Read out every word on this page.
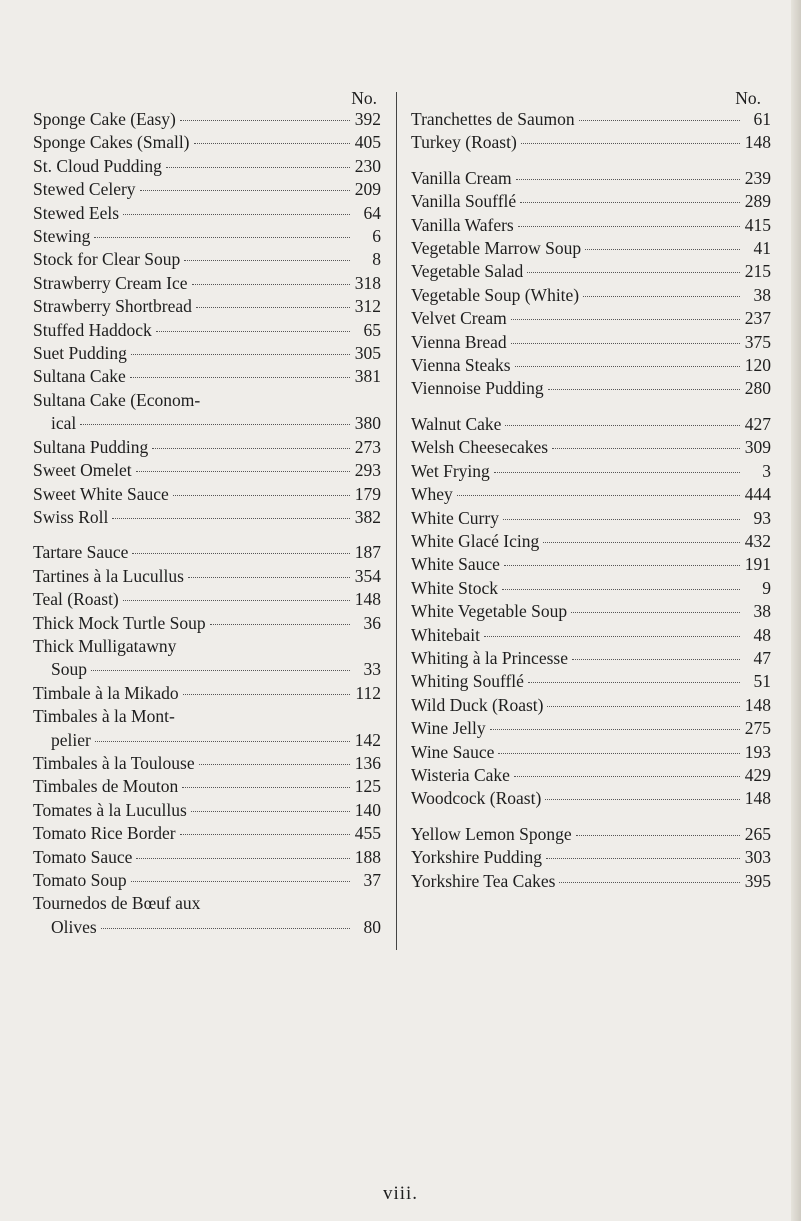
No.
Sponge Cake (Easy)	392
Sponge Cakes (Small)	405
St. Cloud Pudding	230
Stewed Celery	209
Stewed Eels	64
Stewing	6
Stock for Clear Soup	8
Strawberry Cream Ice	318
Strawberry Shortbread	312
Stuffed Haddock	65
Suet Pudding	305
Sultana Cake	381
Sultana Cake (Econom-
ical	380
Sultana Pudding	273
Sweet Omelet	293
Sweet White Sauce	179
Swiss Roll	382
Tartare Sauce	187
Tartines à la Lucullus	354
Teal (Roast)	148
Thick Mock Turtle Soup	36
Thick Mulligatawny
Soup	33
Timbale à la Mikado	112
Timbales à la Mont-
pelier	142
Timbales à la Toulouse	136
Timbales de Mouton	125
Tomates à la Lucullus	140
Tomato Rice Border	455
Tomato Sauce	188
Tomato Soup	37
Tournedos de Bœuf aux
Olives	80
No.
Tranchettes de Saumon	61
Turkey (Roast)	148
Vanilla Cream	239
Vanilla Soufflé	289
Vanilla Wafers	415
Vegetable Marrow Soup	41
Vegetable Salad	215
Vegetable Soup (White)	38
Velvet Cream	237
Vienna Bread	375
Vienna Steaks	120
Viennoise Pudding	280
Walnut Cake	427
Welsh Cheesecakes	309
Wet Frying	3
Whey	444
White Curry	93
White Glacé Icing	432
White Sauce	191
White Stock	9
White Vegetable Soup	38
Whitebait	48
Whiting à la Princesse	47
Whiting Soufflé	51
Wild Duck (Roast)	148
Wine Jelly	275
Wine Sauce	193
Wisteria Cake	429
Woodcock (Roast)	148
Yellow Lemon Sponge	265
Yorkshire Pudding	303
Yorkshire Tea Cakes	395
viii.
